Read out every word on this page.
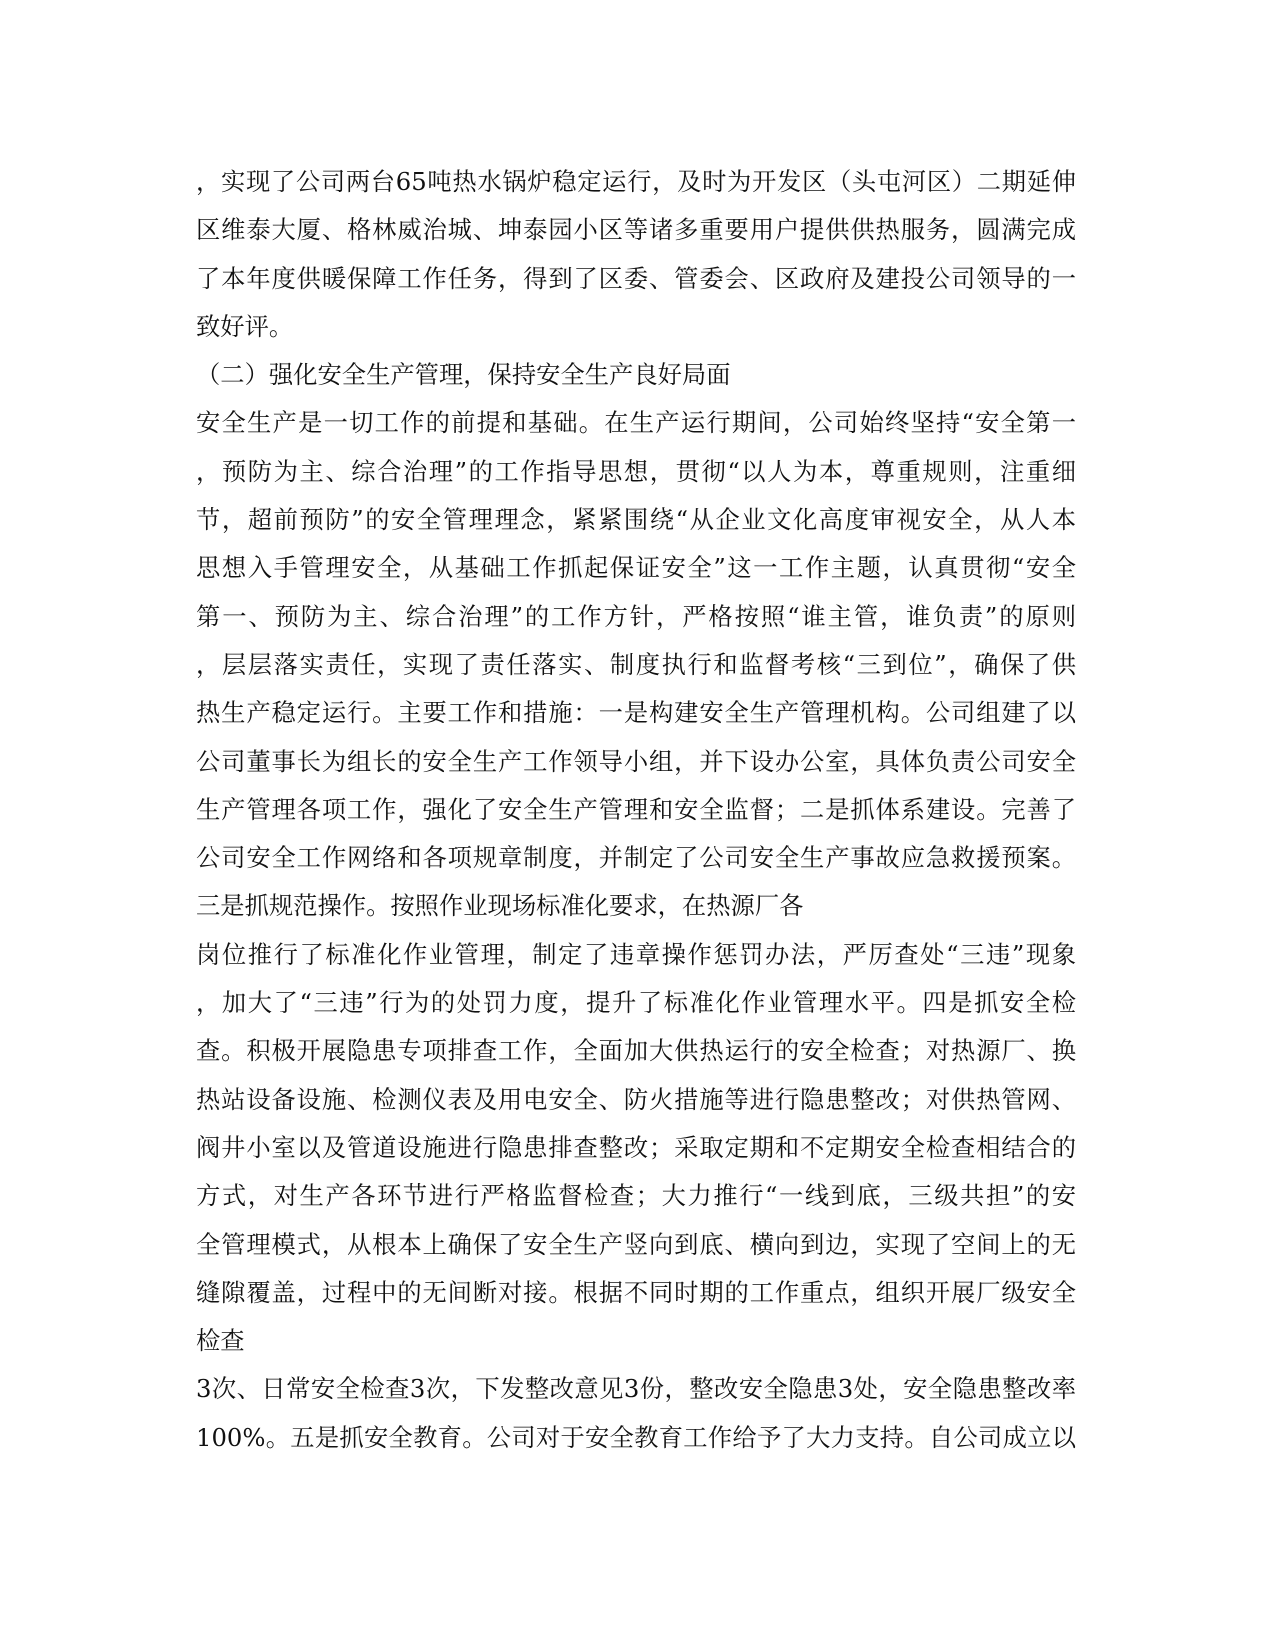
，实现了公司两台65吨热水锅炉稳定运行，及时为开发区（头屯河区）二期延伸
区维泰大厦、格林威治城、坤泰园小区等诸多重要用户提供供热服务，圆满完成
了本年度供暖保障工作任务，得到了区委、管委会、区政府及建投公司领导的一
致好评。
（二）强化安全生产管理，保持安全生产良好局面
安全生产是一切工作的前提和基础。在生产运行期间，公司始终坚持“安全第一
，预防为主、综合治理”的工作指导思想，贯彻“以人为本，尊重规则，注重细
节，超前预防”的安全管理理念，紧紧围绕“从企业文化高度审视安全，从人本
思想入手管理安全，从基础工作抓起保证安全”这一工作主题，认真贯彻“安全
第一、预防为主、综合治理”的工作方针，严格按照“谁主管，谁负责”的原则
，层层落实责任，实现了责任落实、制度执行和监督考核“三到位”，确保了供
热生产稳定运行。主要工作和措施：一是构建安全生产管理机构。公司组建了以
公司董事长为组长的安全生产工作领导小组，并下设办公室，具体负责公司安全
生产管理各项工作，强化了安全生产管理和安全监督；二是抓体系建设。完善了
公司安全工作网络和各项规章制度，并制定了公司安全生产事故应急救援预案。
三是抓规范操作。按照作业现场标准化要求，在热源厂各
岗位推行了标准化作业管理，制定了违章操作惩罚办法，严厉查处“三违”现象
，加大了“三违”行为的处罚力度，提升了标准化作业管理水平。四是抓安全检
查。积极开展隐患专项排查工作，全面加大供热运行的安全检查；对热源厂、换
热站设备设施、检测仪表及用电安全、防火措施等进行隐患整改；对供热管网、
阀井小室以及管道设施进行隐患排查整改；采取定期和不定期安全检查相结合的
方式，对生产各环节进行严格监督检查；大力推行“一线到底，三级共担”的安
全管理模式，从根本上确保了安全生产竖向到底、横向到边，实现了空间上的无
缝隙覆盖，过程中的无间断对接。根据不同时期的工作重点，组织开展厂级安全
检查
3次、日常安全检查3次，下发整改意见3份，整改安全隐患3处，安全隐患整改率
100%。五是抓安全教育。公司对于安全教育工作给予了大力支持。自公司成立以
